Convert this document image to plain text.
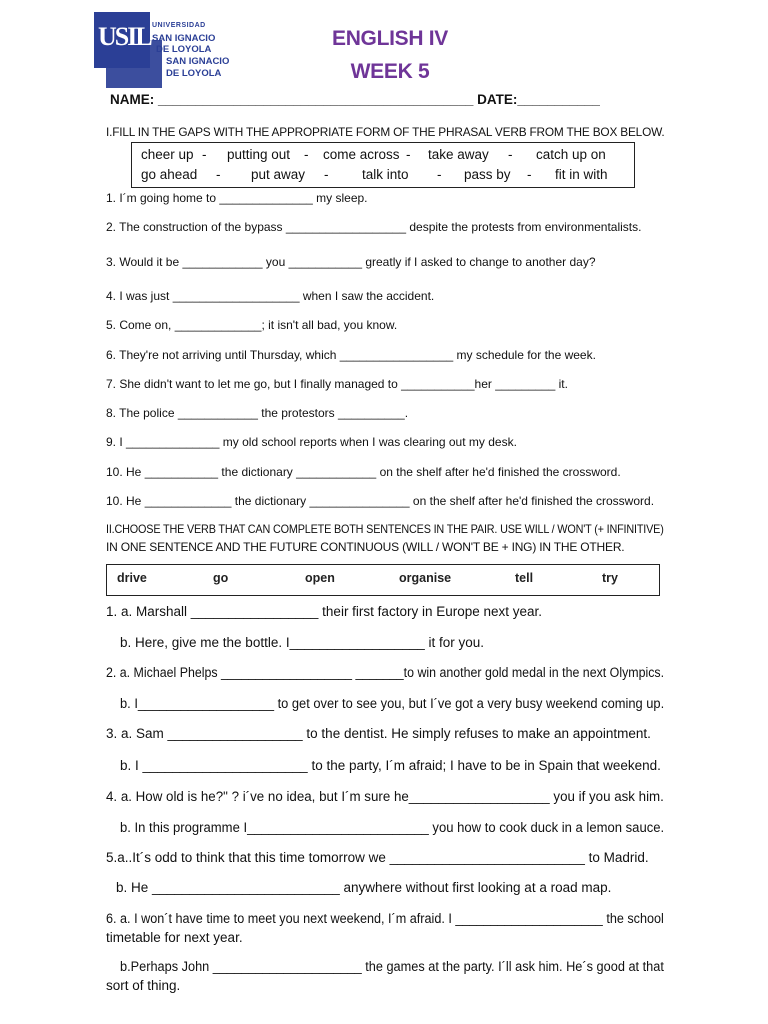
USIL UNIVERSIDAD
SAN IGNACIO
DE LOYOLA
SAN IGNACIO
DE LOYOLA
ENGLISH IV
WEEK 5
NAME: __________________________________________ DATE:___________
I.FILL IN THE GAPS WITH THE APPROPRIATE FORM OF THE PHRASAL VERB FROM THE BOX BELOW.
cheer up - putting out - come across - take away - catch up on
go ahead - put away - talk into - pass by - fit in with
1. I´m going home to ______________ my sleep.
2. The construction of the bypass __________________ despite the protests from environmentalists.
3. Would it be ____________ you ___________ greatly if I asked to change to another day?
4. I was just ___________________ when I saw the accident.
5. Come on, _____________; it isn't all bad, you know.
6. They're not arriving until Thursday, which _________________ my schedule for the week.
7. She didn't want to let me go, but I finally managed to ___________her _________ it.
8. The police ____________ the protestors __________.
9. I ______________ my old school reports when I was clearing out my desk.
10. He ___________ the dictionary ____________ on the shelf after he'd finished the crossword.
10. He _____________ the dictionary _______________ on the shelf after he'd finished the crossword.
II.CHOOSE THE VERB THAT CAN COMPLETE BOTH SENTENCES IN THE PAIR. USE WILL / WON'T (+ INFINITIVE)
IN ONE SENTENCE AND THE FUTURE CONTINUOUS (WILL / WON'T BE + ING) IN THE OTHER.
drive	go	open	organise	tell	try
1. a. Marshall _________________ their first factory in Europe next year.
b. Here, give me the bottle. I__________________ it for you.
2. a. Michael Phelps ___________________ _______to win another gold medal in the next Olympics.
b. I___________________ to get over to see you, but I´ve got a very busy weekend coming up.
3. a. Sam __________________ to the dentist. He simply refuses to make an appointment.
b. I ______________________ to the party, I´m afraid; I have to be in Spain that weekend.
4. a. How old is he?" ? i´ve no idea, but I´m sure he___________________ you if you ask him.
b. In this programme I_________________________ you how to cook duck in a lemon sauce.
5.a..It´s odd to think that this time tomorrow we __________________________ to Madrid.
b. He _________________________ anywhere without first looking at a road map.
6. a. I won´t have time to meet you next weekend, I´m afraid. I _____________________ the school
timetable for next year.
b.Perhaps John _____________________ the games at the party. I´ll ask him. He´s good at that
sort of thing.
